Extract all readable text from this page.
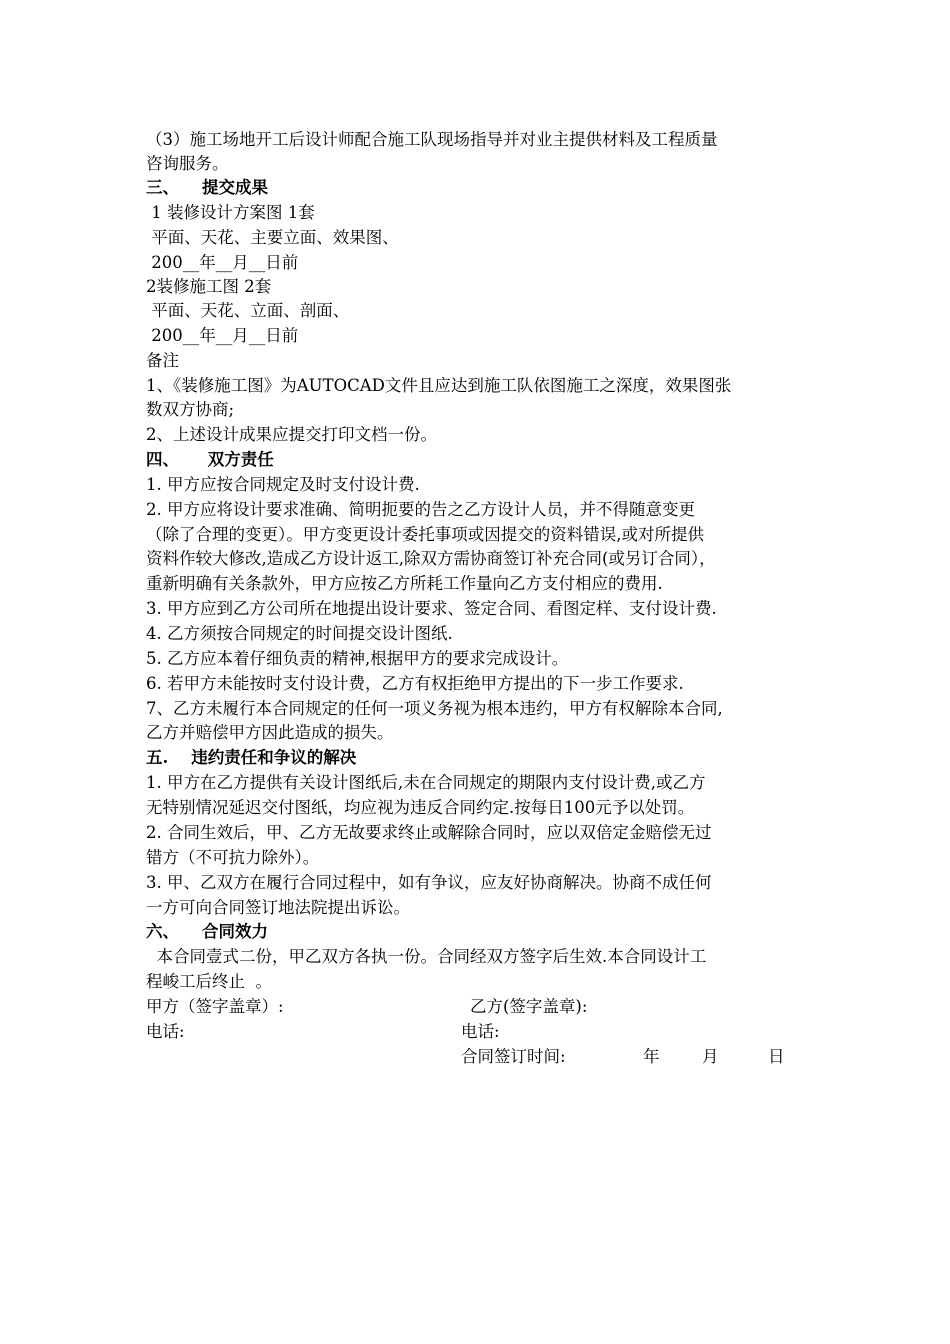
（3）施工场地开工后设计师配合施工队现场指导并对业主提供材料及工程质量
咨询服务。
三、    提交成果
1 装修设计方案图 1套
平面、天花、主要立面、效果图、
200__年__月__日前
2装修施工图 2套
平面、天花、立面、剖面、
200__年__月__日前
备注
1、《装修施工图》为AUTOCAD文件且应达到施工队依图施工之深度，效果图张
数双方协商;
2、上述设计成果应提交打印文档一份。
四、     双方责任
1. 甲方应按合同规定及时支付设计费.
2. 甲方应将设计要求准确、简明扼要的告之乙方设计人员，并不得随意变更
（除了合理的变更）。甲方变更设计委托事项或因提交的资料错误,或对所提供
资料作较大修改,造成乙方设计返工,除双方需协商签订补充合同(或另订合同），
重新明确有关条款外，甲方应按乙方所耗工作量向乙方支付相应的费用.
3. 甲方应到乙方公司所在地提出设计要求、签定合同、看图定样、支付设计费.
4. 乙方须按合同规定的时间提交设计图纸.
5. 乙方应本着仔细负责的精神,根据甲方的要求完成设计。
6. 若甲方未能按时支付设计费，乙方有权拒绝甲方提出的下一步工作要求.
7、乙方未履行本合同规定的任何一项义务视为根本违约，甲方有权解除本合同,
乙方并赔偿甲方因此造成的损失。
五.    违约责任和争议的解决
1. 甲方在乙方提供有关设计图纸后,未在合同规定的期限内支付设计费,或乙方
无特别情况延迟交付图纸，均应视为违反合同约定.按每日100元予以处罚。
2. 合同生效后，甲、乙方无故要求终止或解除合同时，应以双倍定金赔偿无过
错方（不可抗力除外）。
3. 甲、乙双方在履行合同过程中，如有争议，应友好协商解决。协商不成任何
一方可向合同签订地法院提出诉讼。
六、    合同效力
本合同壹式二份，甲乙双方各执一份。合同经双方签字后生效.本合同设计工
程峻工后终止  。
甲方（签字盖章）:	乙方(签字盖章):
电话:	电话:
合同签订时间:	年	月	日
